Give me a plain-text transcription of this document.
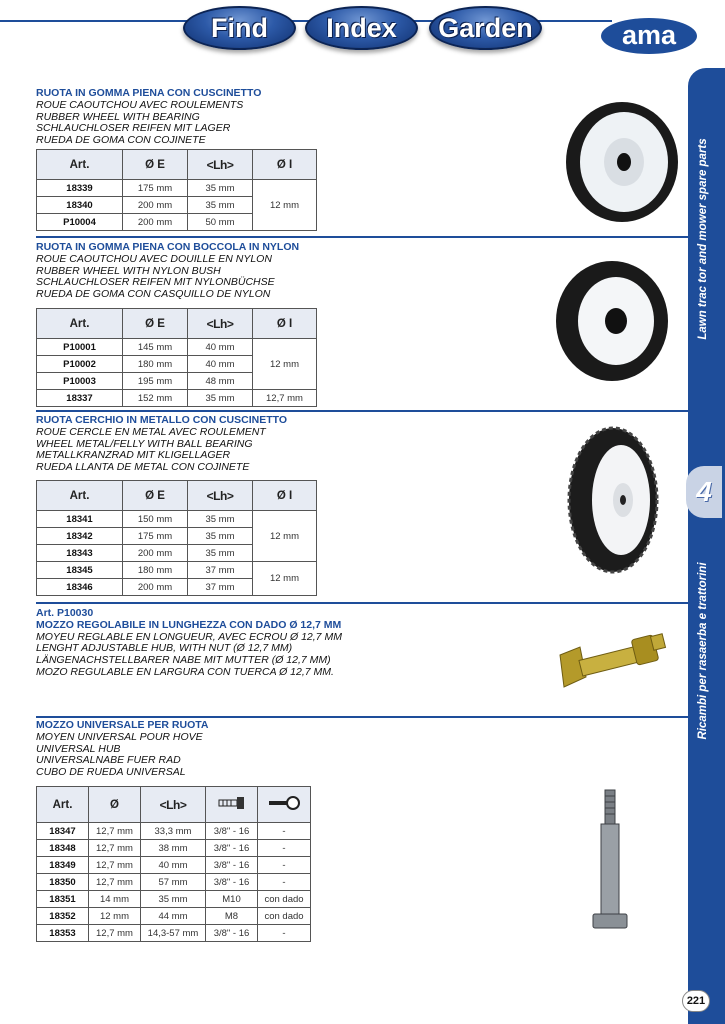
Find	Index	Garden	ama
Lawn trac tor and mower spare parts
Ricambi per rasaerba e trattorini
4
221
RUOTA IN GOMMA PIENA CON CUSCINETTO
ROUE CAOUTCHOU AVEC ROULEMENTS
RUBBER WHEEL WITH BEARING
SCHLAUCHLOSER REIFEN MIT LAGER
RUEDA DE GOMA CON COJINETE
Art.	Ø E	<Lh>	Ø I
18339	175 mm	35 mm	12 mm
18340	200 mm	35 mm	
P10004	200 mm	50 mm	
RUOTA IN GOMMA PIENA CON BOCCOLA IN NYLON
ROUE CAOUTCHOU AVEC DOUILLE EN NYLON
RUBBER WHEEL WITH NYLON BUSH
SCHLAUCHLOSER REIFEN MIT NYLONBÜCHSE
RUEDA DE GOMA CON CASQUILLO DE NYLON
Art.	Ø E	<Lh>	Ø I
P10001	145 mm	40 mm	12 mm
P10002	180 mm	40 mm	
P10003	195 mm	48 mm	
18337	152 mm	35 mm	12,7 mm
RUOTA CERCHIO IN METALLO CON CUSCINETTO
ROUE CERCLE EN METAL AVEC ROULEMENT
WHEEL METAL/FELLY WITH BALL BEARING
METALLKRANZRAD MIT KLIGELLAGER
RUEDA LLANTA DE METAL CON COJINETE
Art.	Ø E	<Lh>	Ø I
18341	150 mm	35 mm	12 mm
18342	175 mm	35 mm	
18343	200 mm	35 mm	
18345	180 mm	37 mm	12 mm
18346	200 mm	37 mm	
Art. P10030
MOZZO REGOLABILE IN LUNGHEZZA CON DADO Ø 12,7 MM
MOYEU REGLABLE EN LONGUEUR, AVEC ECROU Ø 12,7 MM
LENGHT ADJUSTABLE HUB, WITH NUT (Ø 12,7 MM)
LÄNGENACHSTELLBARER NABE MIT MUTTER (Ø 12,7 MM)
MOZO REGULABLE EN LARGURA CON TUERCA Ø 12,7 MM.
MOZZO UNIVERSALE PER RUOTA
MOYEN UNIVERSAL POUR HOVE
UNIVERSAL HUB
UNIVERSALNABE FUER RAD
CUBO DE RUEDA UNIVERSAL
Art.	Ø	<Lh>		
18347	12,7 mm	33,3 mm	3/8" - 16	-
18348	12,7 mm	38 mm	3/8" - 16	-
18349	12,7 mm	40 mm	3/8" - 16	-
18350	12,7 mm	57 mm	3/8" - 16	-
18351	14 mm	35 mm	M10	con dado
18352	12 mm	44 mm	M8	con dado
18353	12,7 mm	14,3-57 mm	3/8" - 16	-
